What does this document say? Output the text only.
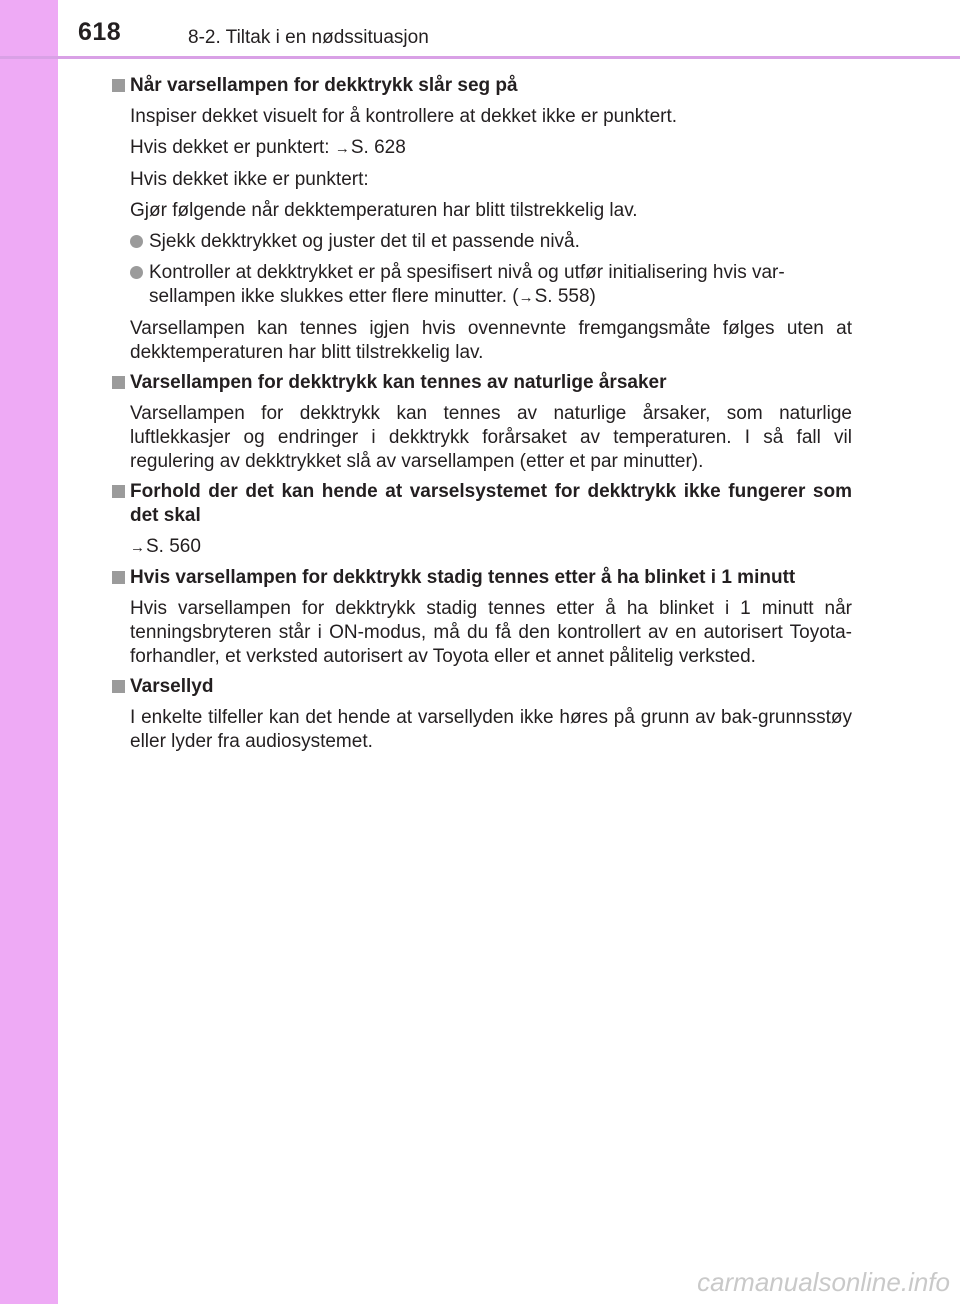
618	8-2. Tiltak i en nødssituasjon
Når varsellampen for dekktrykk slår seg på
Inspiser dekket visuelt for å kontrollere at dekket ikke er punktert.
Hvis dekket er punktert: →S. 628
Hvis dekket ikke er punktert:
Gjør følgende når dekktemperaturen har blitt tilstrekkelig lav.
Sjekk dekktrykket og juster det til et passende nivå.
Kontroller at dekktrykket er på spesifisert nivå og utfør initialisering hvis var-sellampen ikke slukkes etter flere minutter. (→S. 558)
Varsellampen kan tennes igjen hvis ovennevnte fremgangsmåte følges uten at dekktemperaturen har blitt tilstrekkelig lav.
Varsellampen for dekktrykk kan tennes av naturlige årsaker
Varsellampen for dekktrykk kan tennes av naturlige årsaker, som naturlige luftlekkasjer og endringer i dekktrykk forårsaket av temperaturen. I så fall vil regulering av dekktrykket slå av varsellampen (etter et par minutter).
Forhold der det kan hende at varselsystemet for dekktrykk ikke fungerer som det skal
→S. 560
Hvis varsellampen for dekktrykk stadig tennes etter å ha blinket i 1 minutt
Hvis varsellampen for dekktrykk stadig tennes etter å ha blinket i 1 minutt når tenningsbryteren står i ON-modus, må du få den kontrollert av en autorisert Toyota-forhandler, et verksted autorisert av Toyota eller et annet pålitelig verksted.
Varsellyd
I enkelte tilfeller kan det hende at varsellyden ikke høres på grunn av bak-grunnsstøy eller lyder fra audiosystemet.
carmanualsonline.info
